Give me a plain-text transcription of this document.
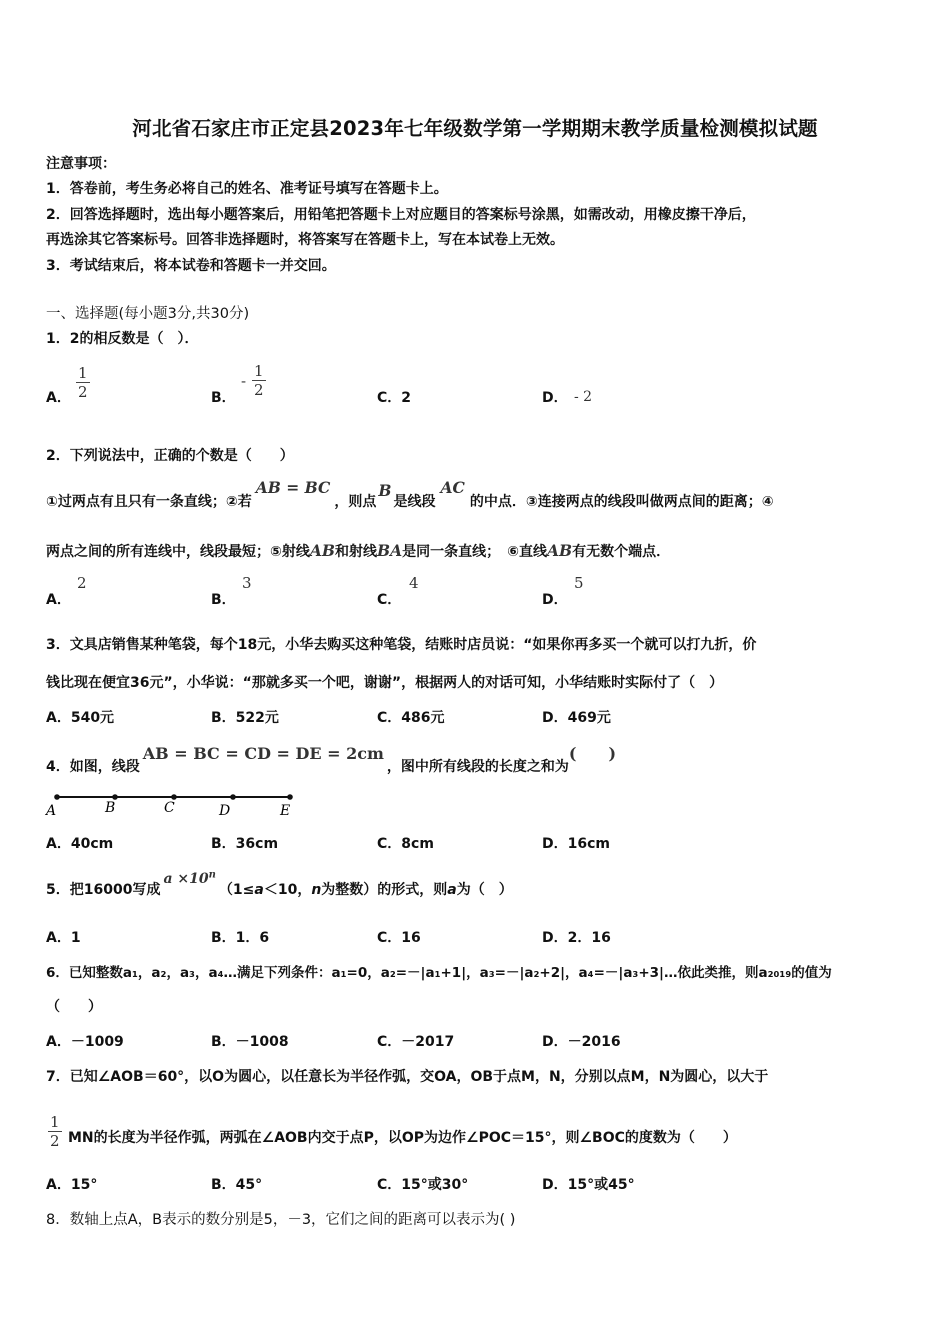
河北省石家庄市正定县2023年七年级数学第一学期期末教学质量检测模拟试题
注意事项：
1．答卷前，考生务必将自己的姓名、准考证号填写在答题卡上。
2．回答选择题时，选出每小题答案后，用铅笔把答题卡上对应题目的答案标号涂黑，如需改动，用橡皮擦干净后，
再选涂其它答案标号。回答非选择题时，将答案写在答题卡上，写在本试卷上无效。
3．考试结束后，将本试卷和答题卡一并交回。
一、选择题(每小题3分,共30分)
1．2的相反数是（　）．
A． $\frac{1}{2}$	B．
- $\frac{1}{2}$	C．2	D． - 2
2．下列说法中，正确的个数是（　　）
①过两点有且只有一条直线；②若AB = BC，则点B是线段AC的中点．③连接两点的线段叫做两点间的距离；④
两点之间的所有连线中，线段最短；⑤射线AB和射线BA是同一条直线；　⑥直线AB有无数个端点．
A．
2
B．
3
C．
4
D．
5
3．文具店销售某种笔袋，每个18元，小华去购买这种笔袋，结账时店员说：“如果你再多买一个就可以打九折，价
钱比现在便宜36元”，小华说：“那就多买一个吧，谢谢”，根据两人的对话可知，小华结账时实际付了（　）
A．540元	B．522元	C．486元	D．469元
4．如图，线段AB = BC = CD = DE = 2cm，图中所有线段的长度之和为(　　)
A	B	C	D	E
A．40cm	B．36cm	C．8cm	D．16cm
5．把16000写成$a \times 10^n(1\le a<10$，n为整数）的形式，则a为（　）
A．1	B．1．6	C．16	D．2．16
6．已知整数a₁，a₂，a₃，a₄…满足下列条件：a₁=0，a₂=－|a₁+1|，a₃=－|a₂+2|，a₄=－|a₃+3|…依此类推，则a₂₀₁₉的值为
（　　）
A．－1009	B．－1008	C．－2017	D．－2016
7．已知∠AOB＝60°，以O为圆心，以任意长为半径作弧，交OA，OB于点M，N，分别以点M，N为圆心，以大于
$\frac{1}{2}$ MN的长度为半径作弧，两弧在∠AOB内交于点P，以OP为边作∠POC＝15°，则∠BOC的度数为（　　）
A．15°	B．45°	C．15°或30°	D．15°或45°
8．数轴上点A，B表示的数分别是5，－3，它们之间的距离可以表示为( )
